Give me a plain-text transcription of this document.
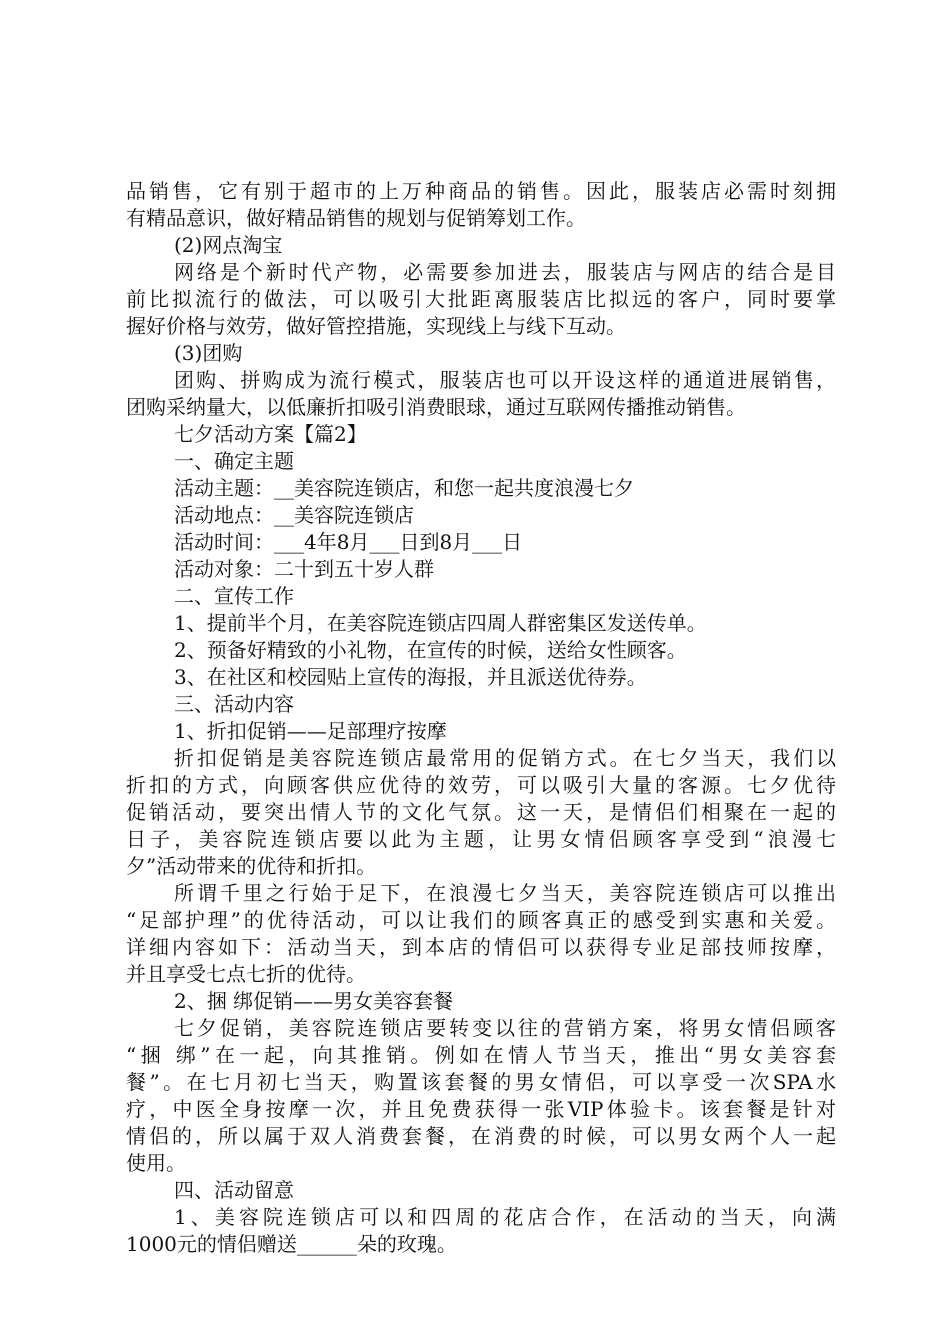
品销售，它有别于超市的上万种商品的销售。因此，服装店必需时刻拥

有精品意识，做好精品销售的规划与促销筹划工作。

(2)网点淘宝

网络是个新时代产物，必需要参加进去，服装店与网店的结合是目

前比拟流行的做法，可以吸引大批距离服装店比拟远的客户，同时要掌

握好价格与效劳，做好管控措施，实现线上与线下互动。

(3)团购

团购、拼购成为流行模式，服装店也可以开设这样的通道进展销售，

团购采纳量大，以低廉折扣吸引消费眼球，通过互联网传播推动销售。

七夕活动方案【篇2】

一、确定主题

活动主题：__美容院连锁店，和您一起共度浪漫七夕

活动地点：__美容院连锁店

活动时间：___4年8月___日到8月___日

活动对象：二十到五十岁人群

二、宣传工作

1、提前半个月，在美容院连锁店四周人群密集区发送传单。

2、预备好精致的小礼物，在宣传的时候，送给女性顾客。

3、在社区和校园贴上宣传的海报，并且派送优待券。

三、活动内容

1、折扣促销——足部理疗按摩

折扣促销是美容院连锁店最常用的促销方式。在七夕当天，我们以

折扣的方式，向顾客供应优待的效劳，可以吸引大量的客源。七夕优待

促销活动，要突出情人节的文化气氛。这一天，是情侣们相聚在一起的

日子，美容院连锁店要以此为主题，让男女情侣顾客享受到“浪漫七

夕”活动带来的优待和折扣。

所谓千里之行始于足下，在浪漫七夕当天，美容院连锁店可以推出

“足部护理”的优待活动，可以让我们的顾客真正的感受到实惠和关爱。

详细内容如下：活动当天，到本店的情侣可以获得专业足部技师按摩，

并且享受七点七折的优待。

2、捆 绑促销——男女美容套餐

七夕促销，美容院连锁店要转变以往的营销方案，将男女情侣顾客

“捆 绑”在一起，向其推销。例如在情人节当天，推出“男女美容套

餐”。在七月初七当天，购置该套餐的男女情侣，可以享受一次SPA水

疗，中医全身按摩一次，并且免费获得一张VIP体验卡。该套餐是针对

情侣的，所以属于双人消费套餐，在消费的时候，可以男女两个人一起

使用。

四、活动留意

1、美容院连锁店可以和四周的花店合作，在活动的当天，向满

1000元的情侣赠送______朵的玫瑰。
